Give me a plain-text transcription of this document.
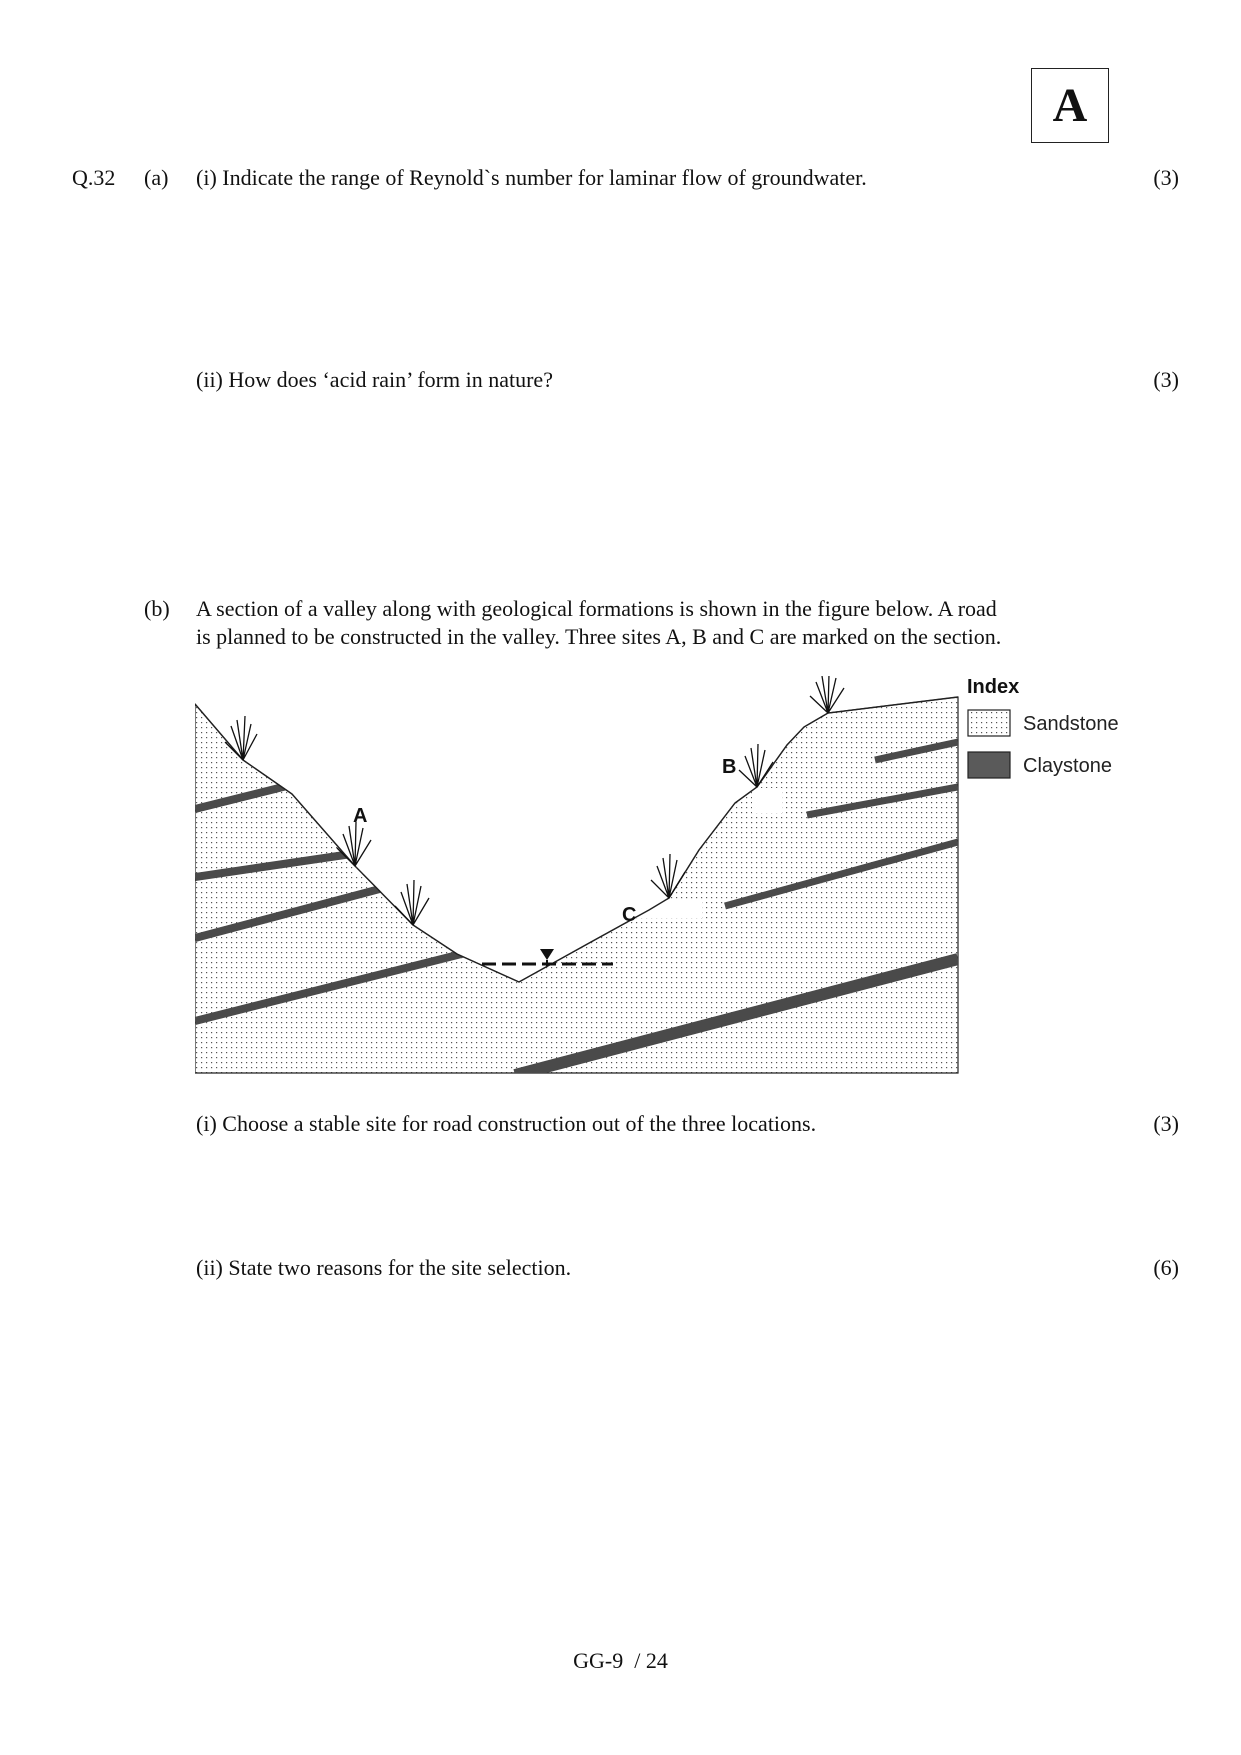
A
Q.32 (a) (i) Indicate the range of Reynold`s number for laminar flow of groundwater.	(3)
(ii) How does ‘acid rain’ form in nature?	(3)
(b) A section of a valley along with geological formations is shown in the figure below. A road
is planned to be constructed in the valley. Three sites A, B and C are marked on the section.
A
B
C
Index
Sandstone
Claystone
(i) Choose a stable site for road construction out of the three locations.	(3)
(ii) State two reasons for the site selection.	(6)
GG-9  / 24
